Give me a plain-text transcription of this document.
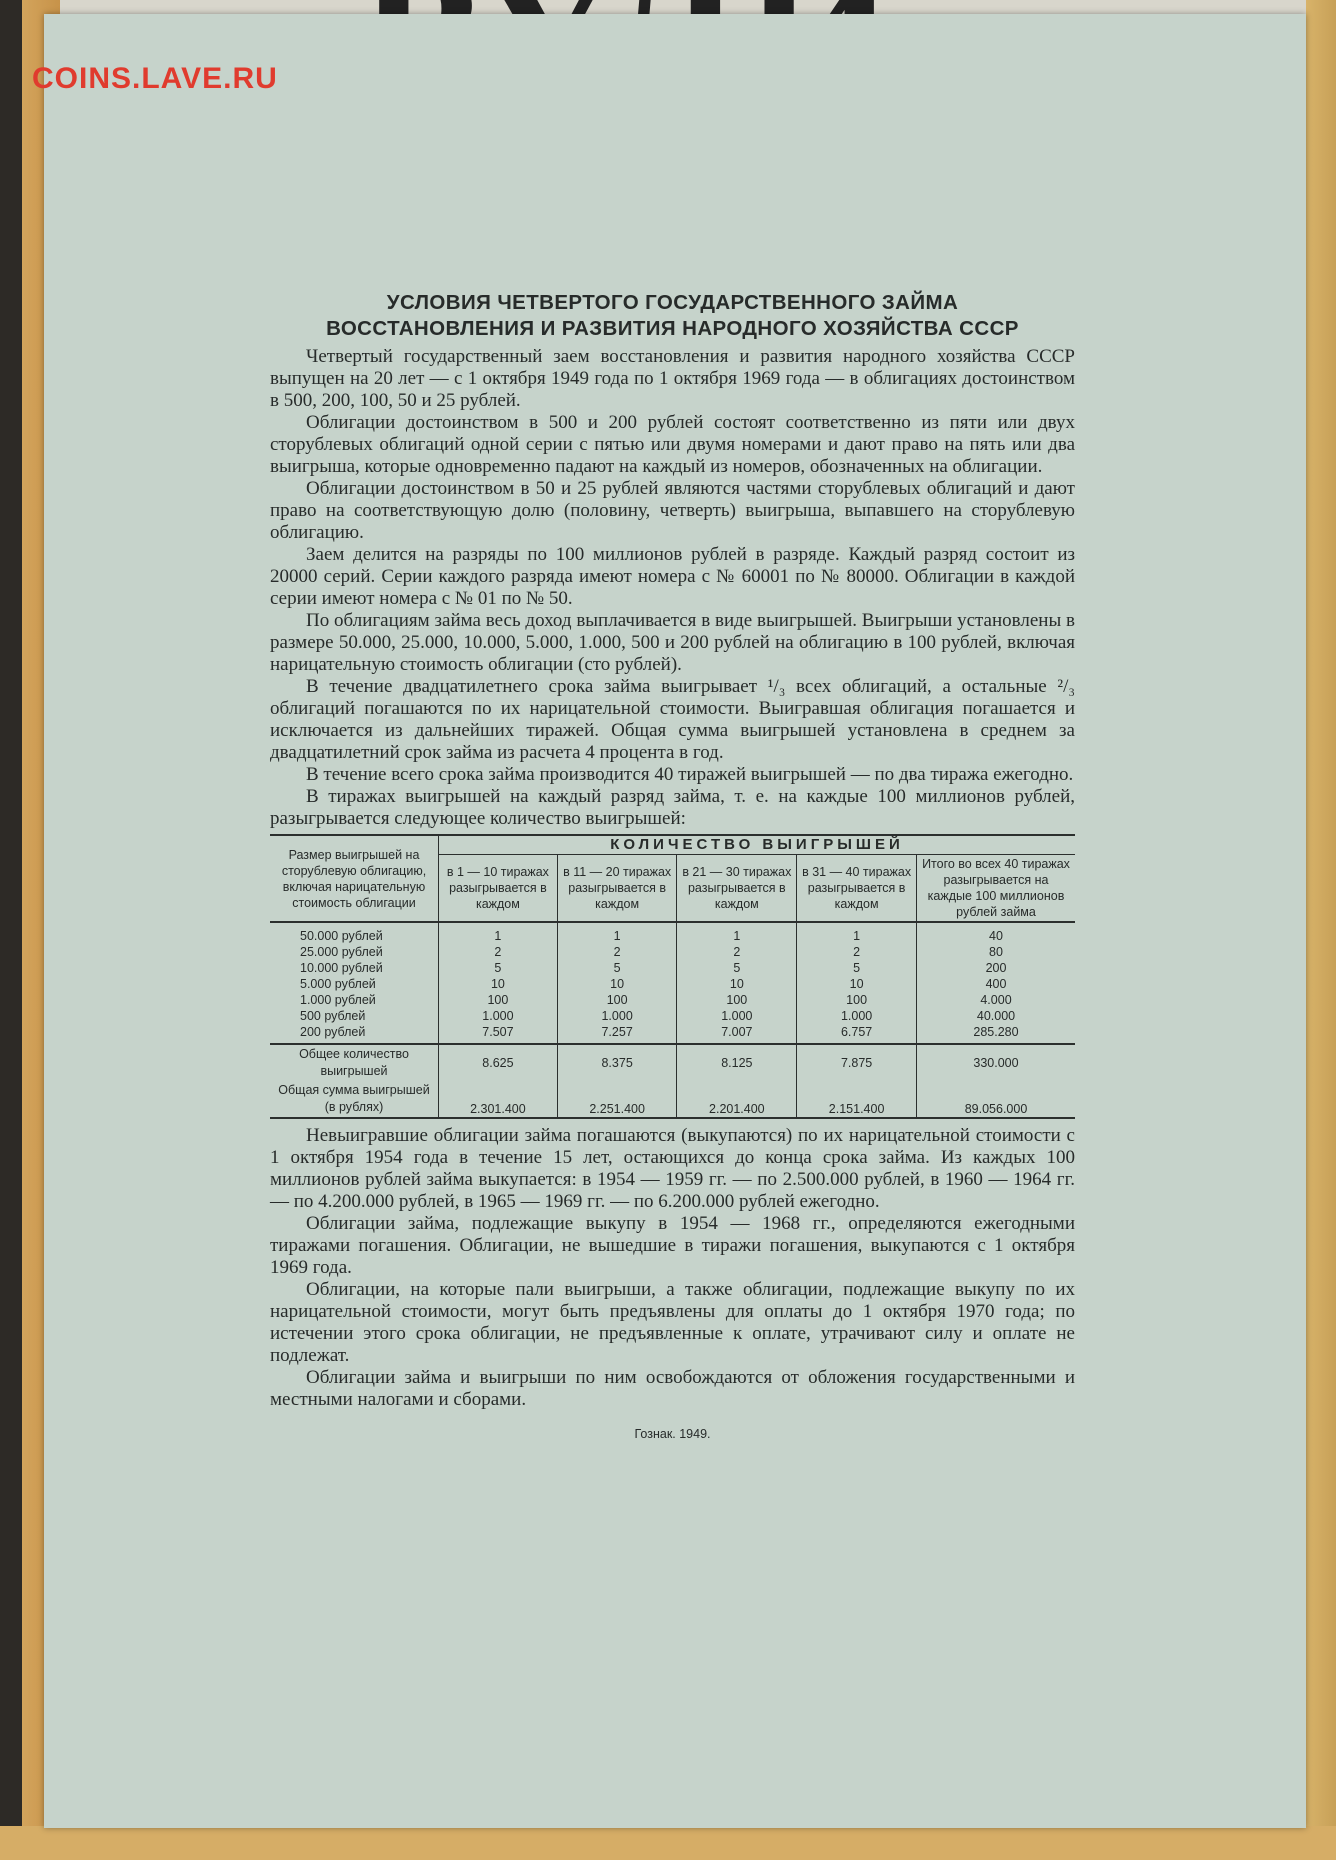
COINS.LAVE.RU
УСЛОВИЯ ЧЕТВЕРТОГО ГОСУДАРСТВЕННОГО ЗАЙМА
ВОССТАНОВЛЕНИЯ И РАЗВИТИЯ НАРОДНОГО ХОЗЯЙСТВА СССР

Четвертый государственный заем восстановления и развития народного хозяйства СССР выпущен на 20 лет — с 1 октября 1949 года по 1 октября 1969 года — в облигациях достоинством в 500, 200, 100, 50 и 25 рублей.

Облигации достоинством в 500 и 200 рублей состоят соответственно из пяти или двух сторублевых облигаций одной серии с пятью или двумя номерами и дают право на пять или два выигрыша, которые одновременно падают на каждый из номеров, обозначенных на облигации.

Облигации достоинством в 50 и 25 рублей являются частями сторублевых облигаций и дают право на соответствующую долю (половину, четверть) выигрыша, выпавшего на сторублевую облигацию.

Заем делится на разряды по 100 миллионов рублей в разряде. Каждый разряд состоит из 20000 серий. Серии каждого разряда имеют номера с № 60001 по № 80000. Облигации в каждой серии имеют номера с № 01 по № 50.

По облигациям займа весь доход выплачивается в виде выигрышей. Выигрыши установлены в размере 50.000, 25.000, 10.000, 5.000, 1.000, 500 и 200 рублей на облигацию в 100 рублей, включая нарицательную стоимость облигации (сто рублей).

В течение двадцатилетнего срока займа выигрывает ¹/₃ всех облигаций, а остальные ²/₃ облигаций погашаются по их нарицательной стоимости. Выигравшая облигация погашается и исключается из дальнейших тиражей. Общая сумма выигрышей установлена в среднем за двадцатилетний срок займа из расчета 4 процента в год.

В течение всего срока займа производится 40 тиражей выигрышей — по два тиража ежегодно.

В тиражах выигрышей на каждый разряд займа, т. е. на каждые 100 миллионов рублей, разыгрывается следующее количество выигрышей:

Размер выигрышей на сторублевую облигацию, включая нарицательную стоимость облигации	КОЛИЧЕСТВО ВЫИГРЫШЕЙ				
	в 1 — 10 тиражах разыгрывается в каждом	в 11 — 20 тиражах разыгрывается в каждом	в 21 — 30 тиражах разыгрывается в каждом	в 31 — 40 тиражах разыгрывается в каждом	Итого во всех 40 тиражах разыгрывается на каждые 100 миллионов рублей займа
50.000 рублей	1	1	1	1	40
25.000 рублей	2	2	2	2	80
10.000 рублей	5	5	5	5	200
5.000 рублей	10	10	10	10	400
1.000 рублей	100	100	100	100	4.000
500 рублей	1.000	1.000	1.000	1.000	40.000
200 рублей	7.507	7.257	7.007	6.757	285.280
Общее количество выигрышей	8.625	8.375	8.125	7.875	330.000
Общая сумма выигрышей (в рублях)	2.301.400	2.251.400	2.201.400	2.151.400	89.056.000

Невыигравшие облигации займа погашаются (выкупаются) по их нарицательной стоимости с 1 октября 1954 года в течение 15 лет, остающихся до конца срока займа. Из каждых 100 миллионов рублей займа выкупается: в 1954 — 1959 гг. — по 2.500.000 рублей, в 1960 — 1964 гг. — по 4.200.000 рублей, в 1965 — 1969 гг. — по 6.200.000 рублей ежегодно.

Облигации займа, подлежащие выкупу в 1954 — 1968 гг., определяются ежегодными тиражами погашения. Облигации, не вышедшие в тиражи погашения, выкупаются с 1 октября 1969 года.

Облигации, на которые пали выигрыши, а также облигации, подлежащие выкупу по их нарицательной стоимости, могут быть предъявлены для оплаты до 1 октября 1970 года; по истечении этого срока облигации, не предъявленные к оплате, утрачивают силу и оплате не подлежат.

Облигации займа и выигрыши по ним освобождаются от обложения государственными и местными налогами и сборами.

Гознак. 1949.
